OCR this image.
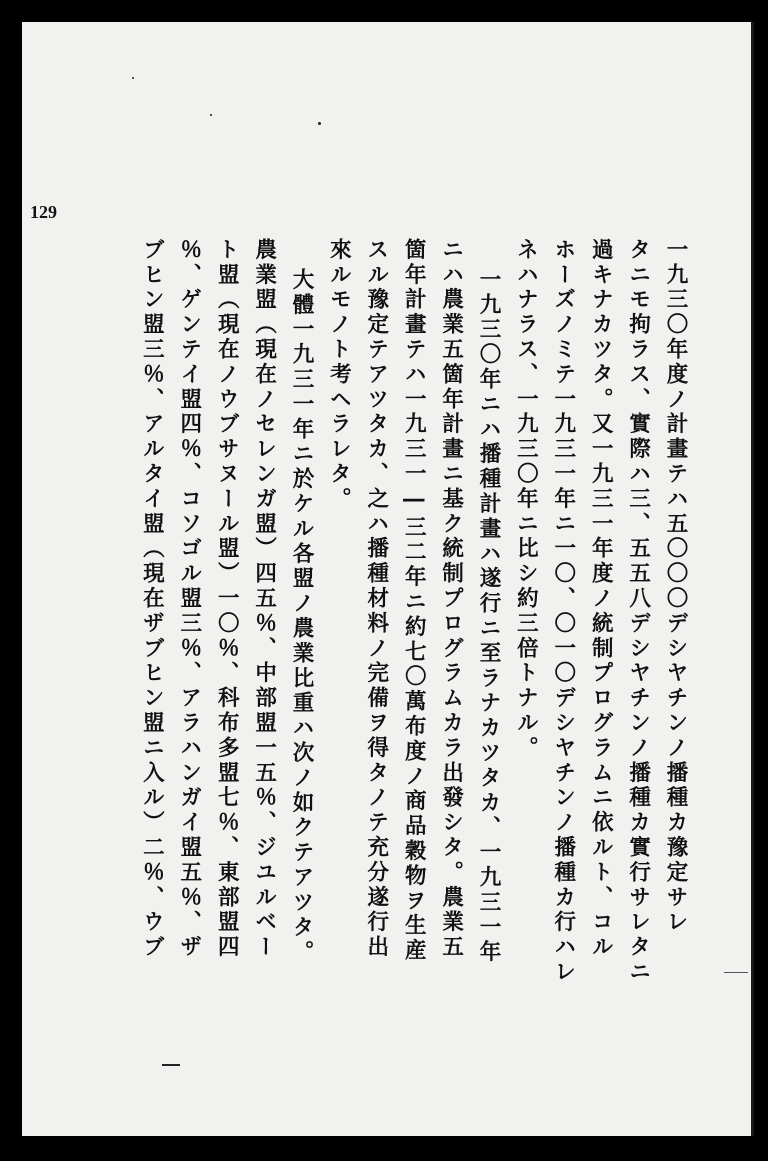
129
一九三〇年度ノ計畫テハ五〇〇〇デシヤチンノ播種カ豫定サレ
タニモ拘ラス、實際ハ三、五五八デシヤチンノ播種カ實行サレタニ
過キナカツタ。又一九三一年度ノ統制プログラムニ依ルト、コル
ホーズノミテ一九三一年ニ一〇、〇一〇デシヤチンノ播種カ行ハレ
ネハナラス、一九三〇年ニ比シ約三倍トナル。
一九三〇年ニハ播種計畫ハ遂行ニ至ラナカツタカ、一九三一年
ニハ農業五箇年計畫ニ基ク統制プログラムカラ出發シタ。農業五
箇年計畫テハ一九三一―三二年ニ約七〇萬布度ノ商品穀物ヲ生産
スル豫定テアツタカ、之ハ播種材料ノ完備ヲ得タノテ充分遂行出
來ルモノト考ヘラレタ。
大體一九三一年ニ於ケル各盟ノ農業比重ハ次ノ如クテアツタ。
農業盟（現在ノセレンガ盟）四五％、中部盟一五％、ジユルベー
ト盟（現在ノウブサヌール盟）一〇％、科布多盟七％、東部盟四
％、ゲンテイ盟四％、コソゴル盟三％、アラハンガイ盟五％、ザ
ブヒン盟三％、アルタイ盟（現在ザブヒン盟ニ入ル）二％、ウブ
